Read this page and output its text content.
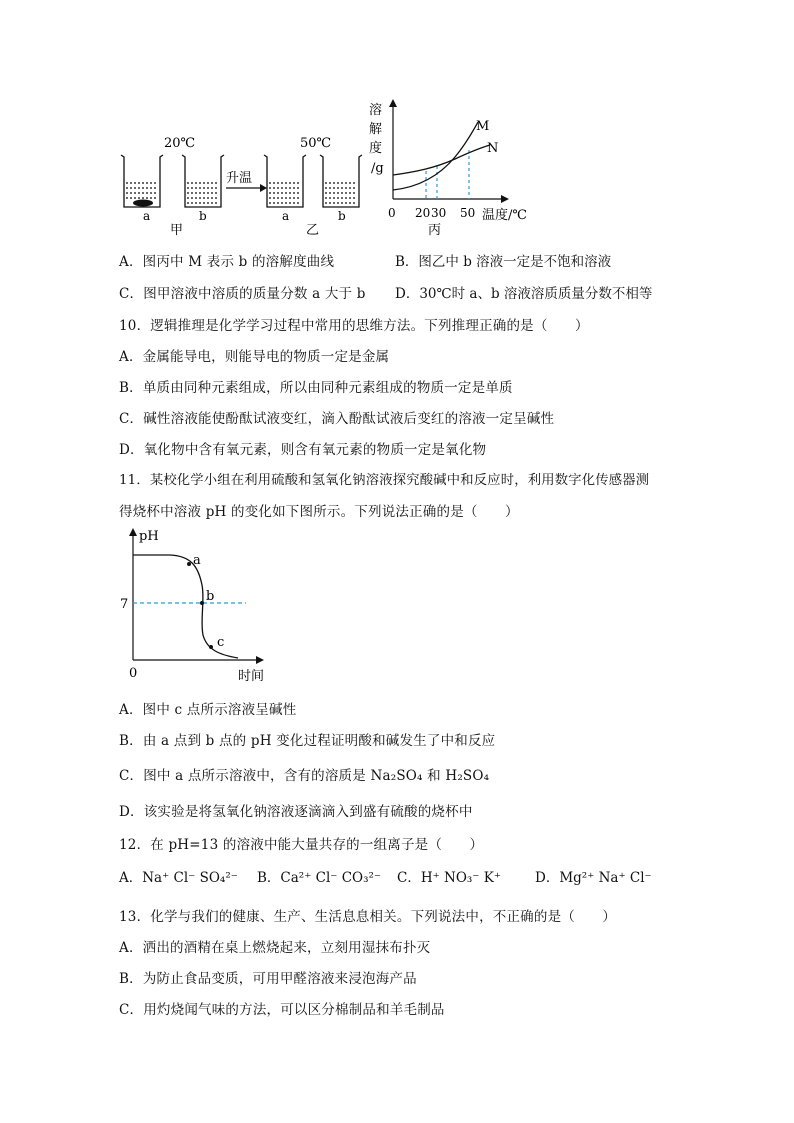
20℃	50℃
升温
a	b	a	b
甲	乙
溶
解
度
/g
M
N
0 20 30 50 温度/℃
丙
A．图丙中 M 表示 b 的溶解度曲线	B．图乙中 b 溶液一定是不饱和溶液
C．图甲溶液中溶质的质量分数 a 大于 b D．30℃时 a、b 溶液溶质质量分数不相等
10．逻辑推理是化学学习过程中常用的思维方法。下列推理正确的是（　　）
A．金属能导电，则能导电的物质一定是金属
B．单质由同种元素组成，所以由同种元素组成的物质一定是单质
C．碱性溶液能使酚酞试液变红，滴入酚酞试液后变红的溶液一定呈碱性
D．氧化物中含有氧元素，则含有氧元素的物质一定是氧化物
11．某校化学小组在利用硫酸和氢氧化钠溶液探究酸碱中和反应时，利用数字化传感器测
得烧杯中溶液 pH 的变化如下图所示。下列说法正确的是（　　）
pH
0	时间
7
a
b
c
A．图中 c 点所示溶液呈碱性
B．由 a 点到 b 点的 pH 变化过程证明酸和碱发生了中和反应
C．图中 a 点所示溶液中，含有的溶质是 Na₂SO₄ 和 H₂SO₄
D．该实验是将氢氧化钠溶液逐滴滴入到盛有硫酸的烧杯中
12．在 pH=13 的溶液中能大量共存的一组离子是（　　）
A．Na⁺ Cl⁻ SO₄²⁻ B．Ca²⁺ Cl⁻ CO₃²⁻ C．H⁺ NO₃⁻ K⁺	D．Mg²⁺ Na⁺ Cl⁻
13．化学与我们的健康、生产、生活息息相关。下列说法中，不正确的是（　　）
A．洒出的酒精在桌上燃烧起来，立刻用湿抹布扑灭
B．为防止食品变质，可用甲醛溶液来浸泡海产品
C．用灼烧闻气味的方法，可以区分棉制品和羊毛制品
